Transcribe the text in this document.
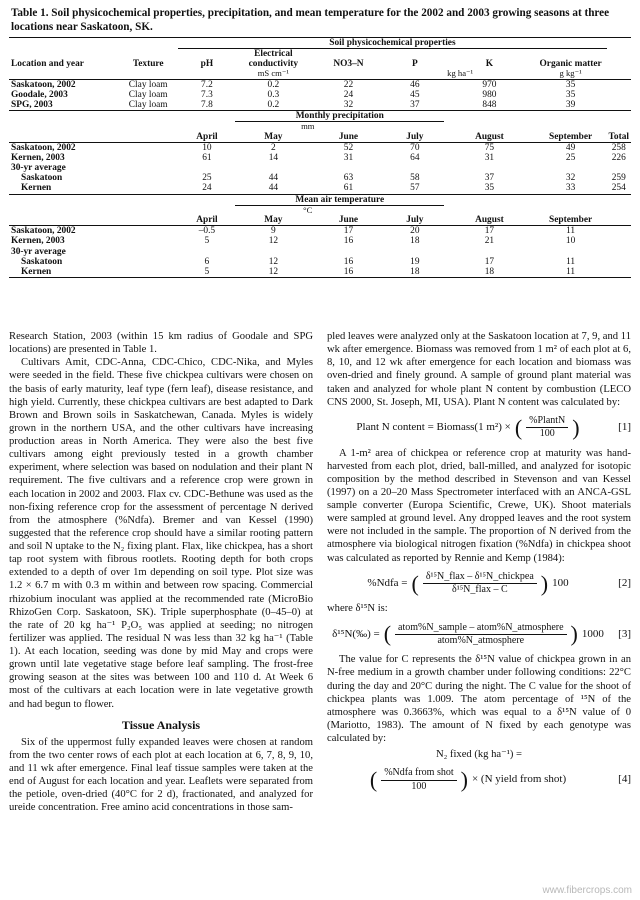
Table 1. Soil physicochemical properties, precipitation, and mean temperature for the 2002 and 2003 growing seasons at three locations near Saskatoon, SK.
		Soil physicochemical properties						
Location and year	Texture	pH	Electrical conductivity	NO3–N	P	K	Organic matter	
			mS cm⁻¹		kg ha⁻¹		g kg⁻¹	
Saskatoon, 2002	Clay loam	7.2	0.2	22	46	970	35	
Goodale, 2003	Clay loam	7.3	0.3	24	45	980	35	
SPG, 2003	Clay loam	7.8	0.2	32	37	848	39	
			Monthly precipitation					
mm								
		April	May	June	July	August	September	Total
Saskatoon, 2002		10	2	52	70	75	49	258
Kernen, 2003		61	14	31	64	31	25	226
30-yr average								
Saskatoon		25	44	63	58	37	32	259
Kernen		24	44	61	57	35	33	254
			Mean air temperature					
°C								
		April	May	June	July	August	September	
Saskatoon, 2002		–0.5	9	17	20	17	11	
Kernen, 2003		5	12	16	18	21	10	
30-yr average								
Saskatoon		6	12	16	19	17	11	
Kernen		5	12	16	18	18	11	

Research Station, 2003 (within 15 km radius of Goodale and SPG locations) are presented in Table 1.

Cultivars Amit, CDC-Anna, CDC-Chico, CDC-Nika, and Myles were seeded in the field. These five chickpea cultivars were chosen on the basis of early maturity, leaf type (fern leaf), disease resistance, and high yield. Currently, these chickpea cultivars are best adapted to Dark Brown and Brown soils in Saskatchewan, Canada. Myles is widely grown in the northern USA, and the other cultivars have increasing production areas in North America. They were also the best five cultivars among eight previously tested in a growth chamber experiment, where selection was based on nodulation and their plant N requirement. The five cultivars and a reference crop were grown in each location in 2002 and 2003. Flax cv. CDC-Bethune was used as the non-fixing reference crop for the assessment of percentage N derived from the atmosphere (%Ndfa). Bremer and van Kessel (1990) suggested that the reference crop should have a similar rooting pattern and soil N uptake to the N₂ fixing plant. Flax, like chickpea, has a short tap root system with fibrous rootlets. Rooting depth for both crops extended to a depth of over 1m depending on soil type. Plot size was 1.2 × 6.7 m with 0.3 m within and between row spacing. Commercial rhizobium inoculant was applied at the recommended rate (MicroBio RhizoGen Corp. Saskatoon, SK). Triple superphosphate (0–45–0) at the rate of 20 kg ha⁻¹ P₂O₅ was applied at seeding; no nitrogen fertilizer was applied. The residual N was less than 32 kg ha⁻¹ (Table 1). At each location, seeding was done by mid May and crops were grown until late vegetative stage before leaf sampling. The frost-free growing season at the sites was between 100 and 110 d. At Week 6 most of the cultivars at each location were in late vegetative growth and had begun to flower.

Tissue Analysis

Six of the uppermost fully expanded leaves were chosen at random from the two center rows of each plot at each location at 6, 7, 8, 9, 10, and 11 wk after emergence. Final leaf tissue samples were taken at the end of August for each location and year. Leaflets were separated from the petiole, oven-dried (40°C for 2 d), fractionated, and analyzed for ureide concentration. Free amino acid concentrations in those sam-

pled leaves were analyzed only at the Saskatoon location at 7, 9, and 11 wk after emergence. Biomass was removed from 1 m² of each plot at 6, 8, 10, and 12 wk after emergence for each location and biomass was oven-dried and finely ground. A sample of ground plant material was taken and analyzed for whole plant N content by combustion (LECO CNS 2000, St. Joseph, MI, USA). Plant N content was calculated by:

Plant N content = Biomass(1 m²) × ( $\frac{\text{\%PlantN}}{100}$ )	[1]

A 1-m² area of chickpea or reference crop at maturity was hand-harvested from each plot, dried, ball-milled, and analyzed for isotopic composition by the method described in Stevenson and van Kessel (1997) on a 20–20 Mass Spectrometer interfaced with an ANCA-GSL sample converter (Europa Scientific, Crewe, UK). Shoot materials were sampled at ground level. Any dropped leaves and the root system were not included in the sample. The proportion of N derived from the atmosphere via biological nitrogen fixation (%Ndfa) in chickpea shoot was calculated as reported by Rennie and Kemp (1984):

%Ndfa = ( $\frac{\text{δ¹⁵N\_flax – δ¹⁵N\_chickpea}}{\text{δ¹⁵N\_flax – C}}$ ) 100	[2]

where δ¹⁵N is:

δ¹⁵N(‰) = ( $\frac{\text{atom\%N\_sample – atom\%N\_atmosphere}}{\text{atom\%N\_atmosphere}}$ ) 1000	[3]

The value for C represents the δ¹⁵N value of chickpea grown in an N-free medium in a growth chamber under following conditions: 22°C during the day and 20°C during the night. The C value for the shoot of chickpea plants was 1.009. The atom percentage of ¹⁵N of the atmosphere was 0.3663%, which was equal to a δ¹⁵N value of 0 (Mariotto, 1983). The amount of N fixed by each genotype was calculated by:

N₂ fixed (kg ha⁻¹) =
( $\frac{\text{\%Ndfa from shot}}{100}$ ) × (N yield from shot)	[4]
www.fibercrops.com
